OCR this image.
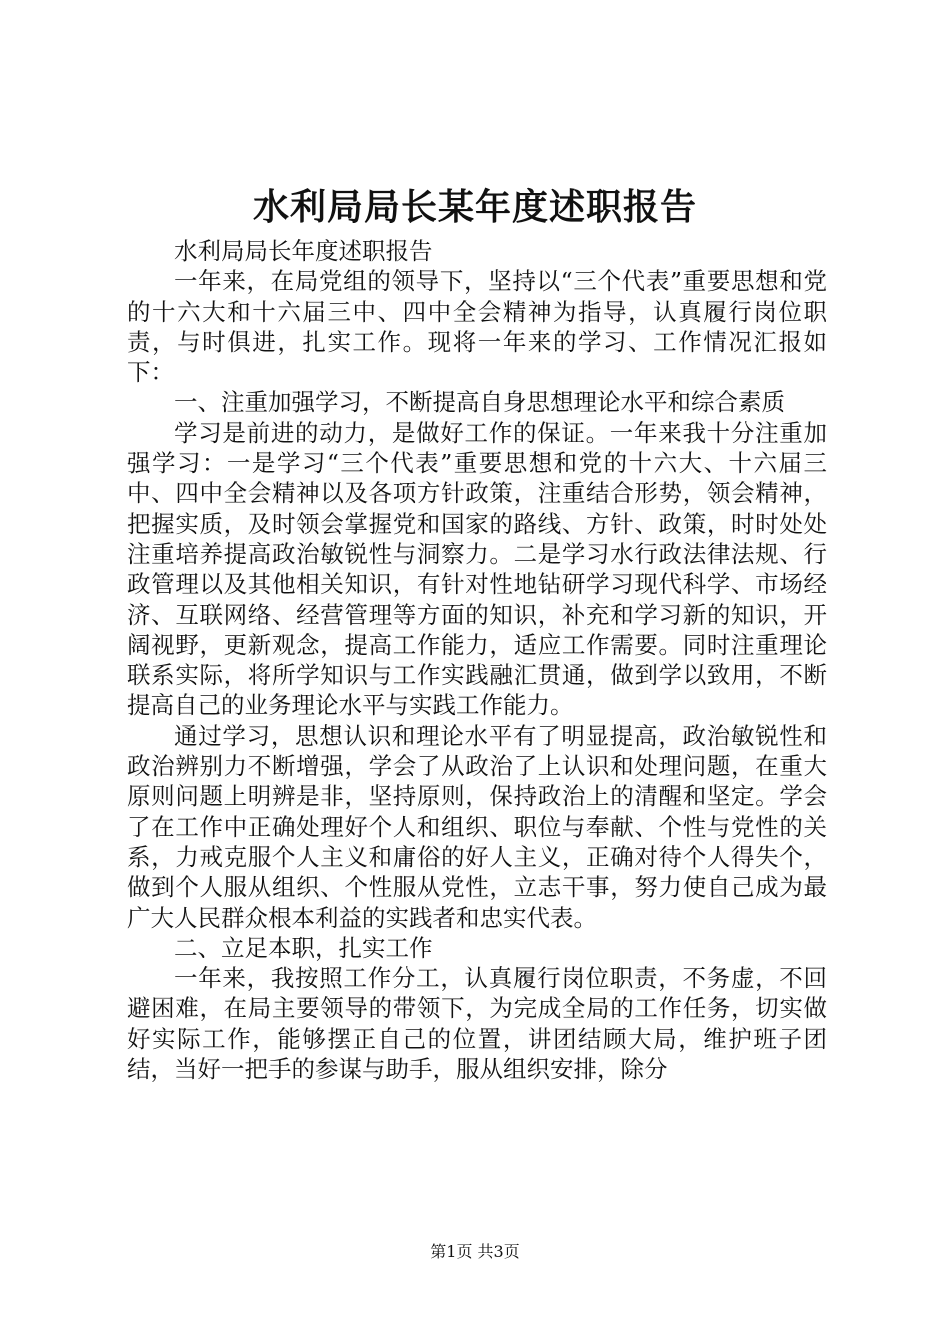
水利局局长某年度述职报告

水利局局长年度述职报告

一年来，在局党组的领导下，坚持以“三个代表”重要思想和党的十六大和十六届三中、四中全会精神为指导，认真履行岗位职责，与时俱进，扎实工作。现将一年来的学习、工作情况汇报如下：

一、注重加强学习，不断提高自身思想理论水平和综合素质

学习是前进的动力，是做好工作的保证。一年来我十分注重加强学习：一是学习“三个代表”重要思想和党的十六大、十六届三中、四中全会精神以及各项方针政策，注重结合形势，领会精神，把握实质，及时领会掌握党和国家的路线、方针、政策，时时处处注重培养提高政治敏锐性与洞察力。二是学习水行政法律法规、行政管理以及其他相关知识，有针对性地钻研学习现代科学、市场经济、互联网络、经营管理等方面的知识，补充和学习新的知识，开阔视野，更新观念，提高工作能力，适应工作需要。同时注重理论联系实际，将所学知识与工作实践融汇贯通，做到学以致用，不断提高自己的业务理论水平与实践工作能力。

通过学习，思想认识和理论水平有了明显提高，政治敏锐性和政治辨别力不断增强，学会了从政治了上认识和处理问题，在重大原则问题上明辨是非，坚持原则，保持政治上的清醒和坚定。学会了在工作中正确处理好个人和组织、职位与奉献、个性与党性的关系，力戒克服个人主义和庸俗的好人主义，正确对待个人得失个，做到个人服从组织、个性服从党性，立志干事，努力使自己成为最广大人民群众根本利益的实践者和忠实代表。

二、立足本职，扎实工作

一年来，我按照工作分工，认真履行岗位职责，不务虚，不回避困难，在局主要领导的带领下，为完成全局的工作任务，切实做好实际工作，能够摆正自己的位置，讲团结顾大局，维护班子团结，当好一把手的参谋与助手，服从组织安排，除分

第1页 共3页
